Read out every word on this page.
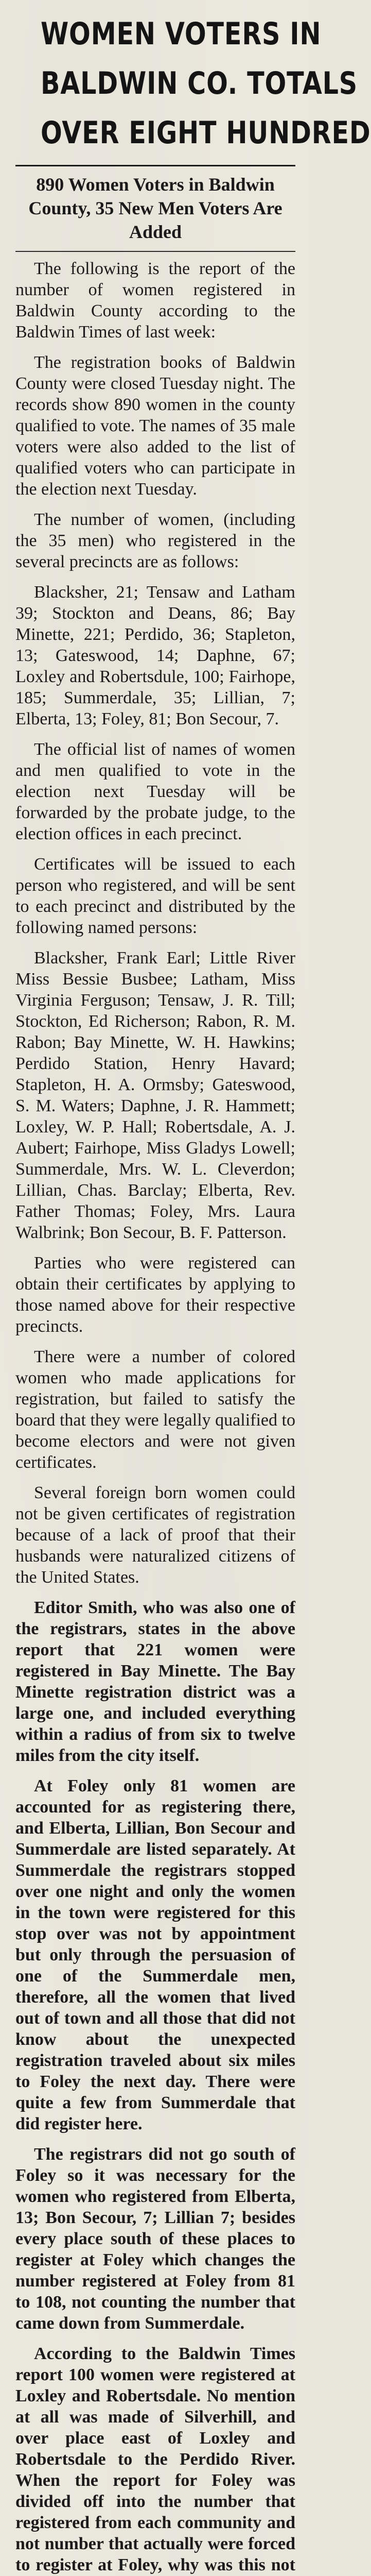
WOMEN VOTERS IN
BALDWIN CO. TOTALS
OVER EIGHT HUNDRED
890 Women Voters in Baldwin County, 35 New Men Voters Are Added

The following is the report of the number of women registered in Baldwin County according to the Baldwin Times of last week:

The registration books of Baldwin County were closed Tuesday night. The records show 890 women in the county qualified to vote. The names of 35 male voters were also added to the list of qualified voters who can participate in the election next Tuesday.

The number of women, (including the 35 men) who registered in the several precincts are as follows:

Blacksher, 21; Tensaw and Latham 39; Stockton and Deans, 86; Bay Minette, 221; Perdido, 36; Stapleton, 13; Gateswood, 14; Daphne, 67; Loxley and Robertsdule, 100; Fairhope, 185; Summerdale, 35; Lillian, 7; Elberta, 13; Foley, 81; Bon Secour, 7.

The official list of names of women and men qualified to vote in the election next Tuesday will be forwarded by the probate judge, to the election offices in each precinct.

Certificates will be issued to each person who registered, and will be sent to each precinct and distributed by the following named persons:

Blacksher, Frank Earl; Little River Miss Bessie Busbee; Latham, Miss Virginia Ferguson; Tensaw, J. R. Till; Stockton, Ed Richerson; Rabon, R. M. Rabon; Bay Minette, W. H. Hawkins; Perdido Station, Henry Havard; Stapleton, H. A. Ormsby; Gateswood, S. M. Waters; Daphne, J. R. Hammett; Loxley, W. P. Hall; Robertsdale, A. J. Aubert; Fairhope, Miss Gladys Lowell; Summerdale, Mrs. W. L. Cleverdon; Lillian, Chas. Barclay; Elberta, Rev. Father Thomas; Foley, Mrs. Laura Walbrink; Bon Secour, B. F. Patterson.

Parties who were registered can obtain their certificates by applying to those named above for their respective precincts.

There were a number of colored women who made applications for registration, but failed to satisfy the board that they were legally qualified to become electors and were not given certificates.

Several foreign born women could not be given certificates of registration because of a lack of proof that their husbands were naturalized citizens of the United States.

Editor Smith, who was also one of the registrars, states in the above report that 221 women were registered in Bay Minette. The Bay Minette registration district was a large one, and included everything within a radius of from six to twelve miles from the city itself.

At Foley only 81 women are accounted for as registering there, and Elberta, Lillian, Bon Secour and Summerdale are listed separately. At Summerdale the registrars stopped over one night and only the women in the town were registered for this stop over was not by appointment but only through the persuasion of one of the Summerdale men, therefore, all the women that lived out of town and all those that did not know about the unexpected registration traveled about six miles to Foley the next day. There were quite a few from Summerdale that did register here.

The registrars did not go south of Foley so it was necessary for the women who registered from Elberta, 13; Bon Secour, 7; Lillian 7; besides every place south of these places to register at Foley which changes the number registered at Foley from 81 to 108, not counting the number that came down from Summerdale.

According to the Baldwin Times report 100 women were registered at Loxley and Robertsdale. No mention at all was made of Silverhill, and over place east of Loxley and Robertsdale to the Perdido River. When the report for Foley was divided off into the number that registered from each community and not number that actually were forced to register at Foley, why was this not
